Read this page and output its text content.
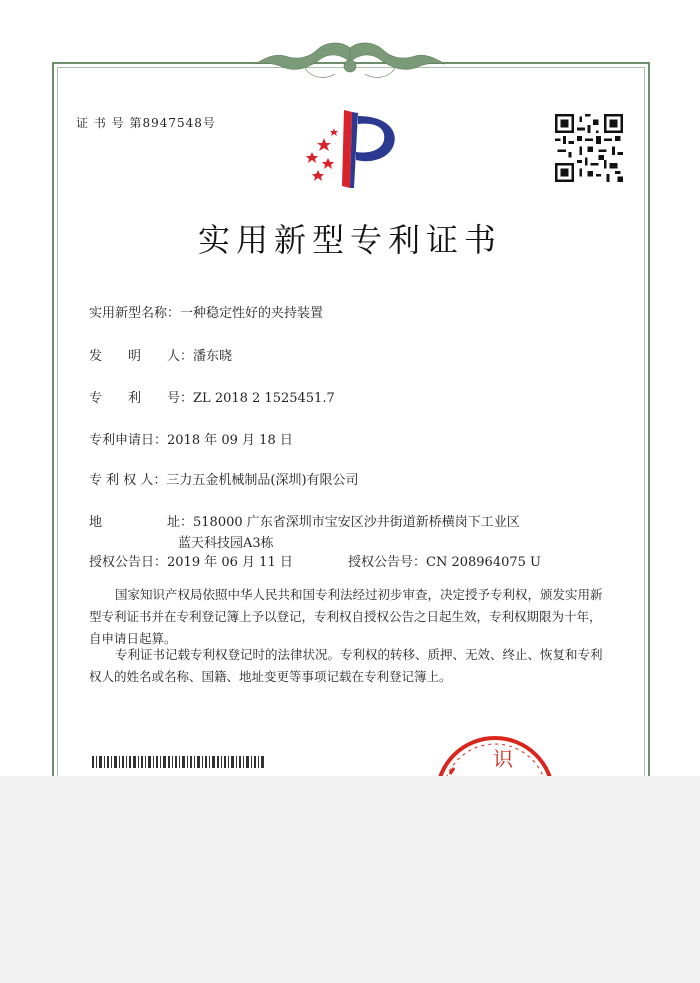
证 书 号 第8947548号
实用新型专利证书
实用新型名称：一种稳定性好的夹持装置
发　　明　　人：潘东晓
专　　利　　号：ZL 2018 2 1525451.7
专利申请日：2018 年 09 月 18 日
专 利 权 人：三力五金机械制品(深圳)有限公司
地　　　　　址：518000 广东省深圳市宝安区沙井街道新桥横岗下工业区
蓝天科技园A3栋
授权公告日：2019 年 06 月 11 日	授权公告号：CN 208964075 U
国家知识产权局依照中华人民共和国专利法经过初步审查，决定授予专利权，颁发实用新型专利证书并在专利登记簿上予以登记，专利权自授权公告之日起生效，专利权期限为十年，自申请日起算。
专利证书记载专利权登记时的法律状况。专利权的转移、质押、无效、终止、恢复和专利权人的姓名或名称、国籍、地址变更等事项记载在专利登记簿上。
识
